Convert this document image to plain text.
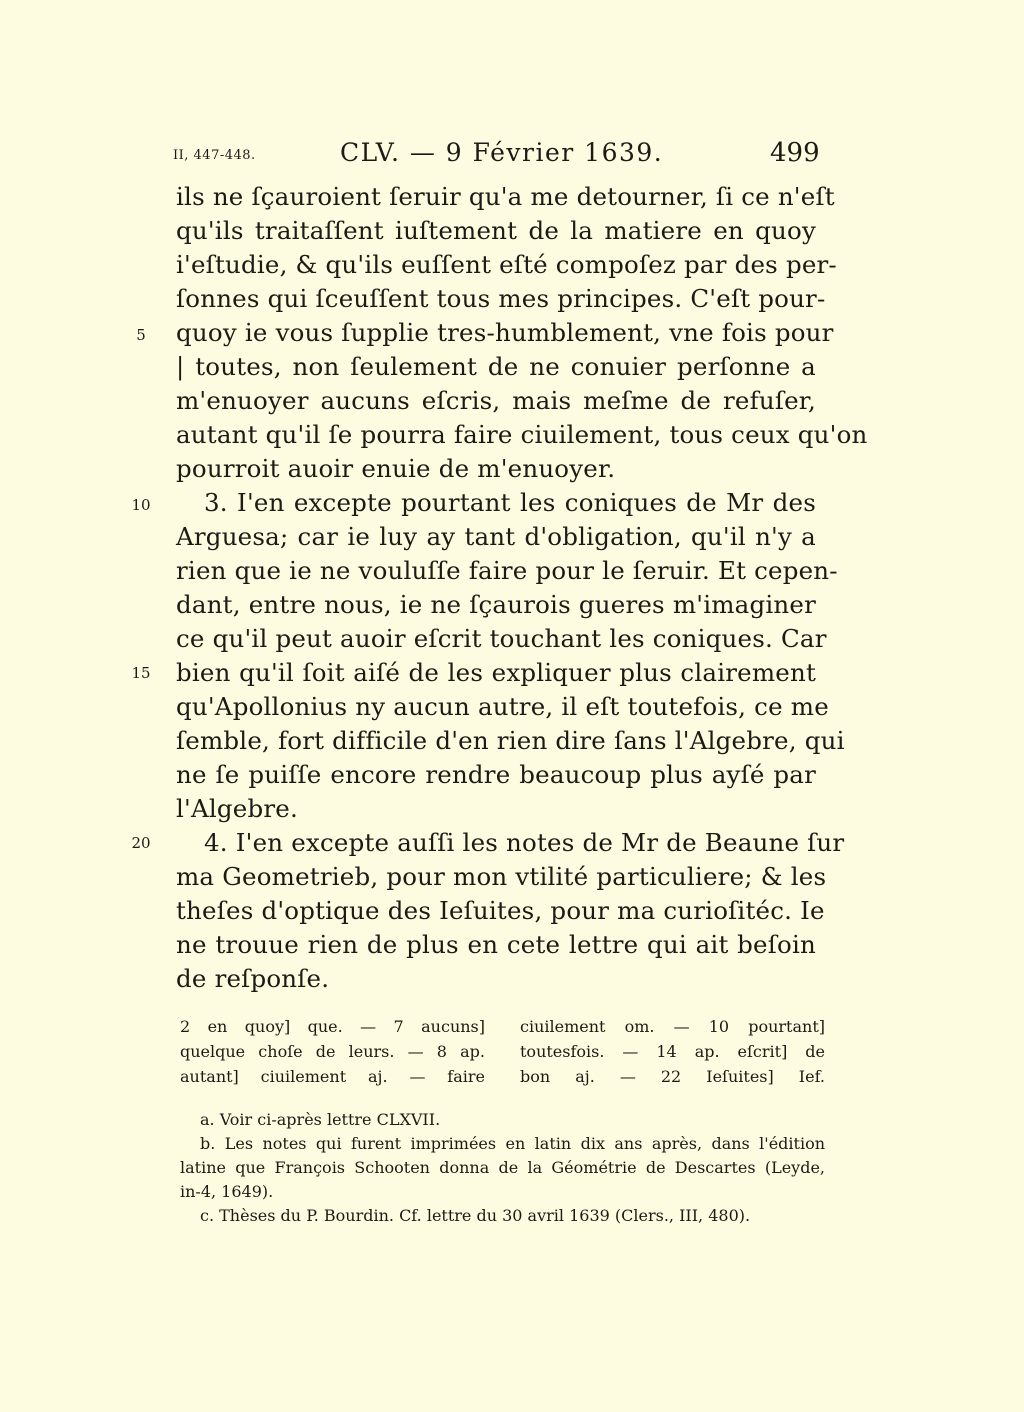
II, 447-448.	CLV. — 9 Février 1639.	499
ils ne ſçauroient ſeruir qu'a me detourner, ſi ce n'eſt
qu'ils traitaſſent iuſtement de la matiere en quoy
i'eſtudie, & qu'ils euſſent eſté compoſez par des per-
ſonnes qui ſceuſſent tous mes principes. C'eſt pour-
quoy ie vous ſupplie tres-humblement, vne fois pour
| toutes, non ſeulement de ne conuier perſonne a
m'enuoyer aucuns eſcris, mais meſme de refuſer,
autant qu'il ſe pourra faire ciuilement, tous ceux qu'on
pourroit auoir enuie de m'enuoyer.
3. I'en excepte pourtant les coniques de Mr des
Arguesa; car ie luy ay tant d'obligation, qu'il n'y a
rien que ie ne vouluſſe faire pour le ſeruir. Et cepen-
dant, entre nous, ie ne ſçaurois gueres m'imaginer
ce qu'il peut auoir eſcrit touchant les coniques. Car
bien qu'il ſoit aiſé de les expliquer plus clairement
qu'Apollonius ny aucun autre, il eſt toutefois, ce me
ſemble, fort difficile d'en rien dire ſans l'Algebre, qui
ne ſe puiſſe encore rendre beaucoup plus ayſé par
l'Algebre.
4. I'en excepte auſſi les notes de Mr de Beaune ſur
ma Geometrieb, pour mon vtilité particuliere; & les
theſes d'optique des Ieſuites, pour ma curioſitéc. Ie
ne trouue rien de plus en cete lettre qui ait beſoin
de reſponſe.
5
10
15
20
2 en quoy] que. — 7 aucuns]
quelque choſe de leurs. — 8 ap.
autant] ciuilement aj. — faire
ciuilement om. — 10 pourtant]
toutesfois. — 14 ap. eſcrit] de
bon aj. — 22 Ieſuites] Ief.
a. Voir ci-après lettre CLXVII.
b. Les notes qui furent imprimées en latin dix ans après, dans l'édition
latine que François Schooten donna de la Géométrie de Descartes (Leyde,
in-4, 1649).
c. Thèses du P. Bourdin. Cf. lettre du 30 avril 1639 (Clers., III, 480).
